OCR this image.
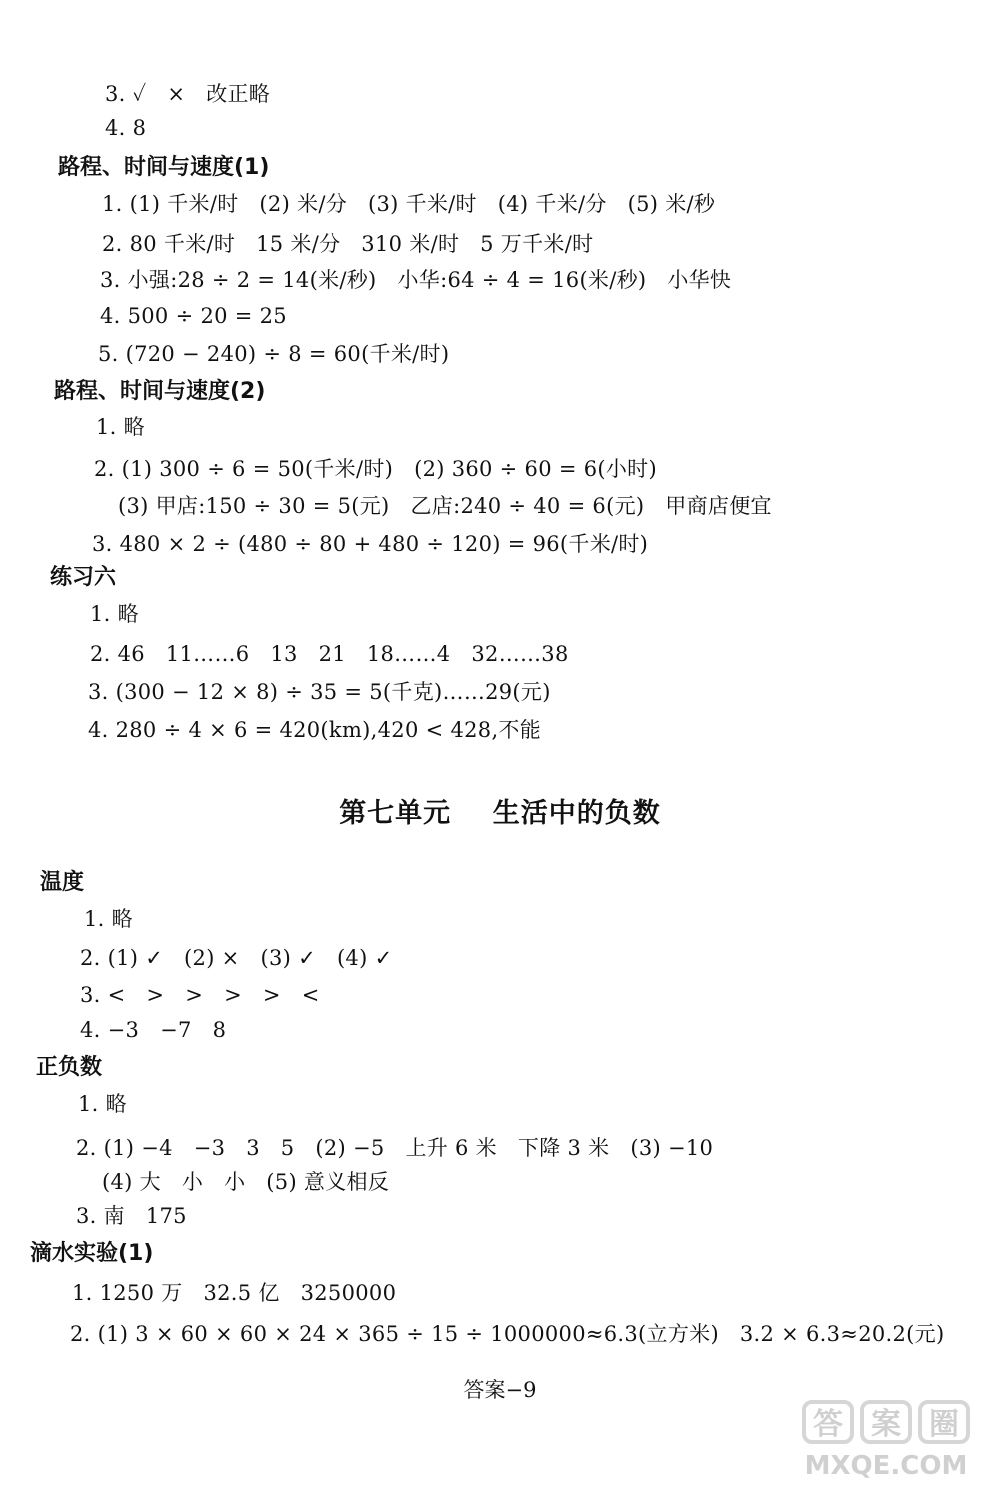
3. ✓   ×   改正略
4. 8
路程、时间与速度(1)
1. (1) 千米/时   (2) 米/分   (3) 千米/时   (4) 千米/分   (5) 米/秒
2. 80 千米/时   15 米/分   310 米/时   5 万千米/时
3. 小强:28 ÷ 2 = 14(米/秒)   小华:64 ÷ 4 = 16(米/秒)   小华快
4. 500 ÷ 20 = 25
5. (720 − 240) ÷ 8 = 60(千米/时)
路程、时间与速度(2)
1. 略
2. (1) 300 ÷ 6 = 50(千米/时)   (2) 360 ÷ 60 = 6(小时)
(3) 甲店:150 ÷ 30 = 5(元)   乙店:240 ÷ 40 = 6(元)   甲商店便宜
3. 480 × 2 ÷ (480 ÷ 80 + 480 ÷ 120) = 96(千米/时)
练习六
1. 略
2. 46   11……6   13   21   18……4   32……38
3. (300 − 12 × 8) ÷ 35 = 5(千克)……29(元)
4. 280 ÷ 4 × 6 = 420(km),420 < 428,不能
第七单元    生活中的负数
温度
1. 略
2. (1) ✓   (2) ×   (3) ✓   (4) ✓
3. <   >   >   >   >   <
4. −3   −7   8
正负数
1. 略
2. (1) −4   −3   3   5   (2) −5   上升 6 米   下降 3 米   (3) −10
(4) 大   小   小   (5) 意义相反
3. 南   175
滴水实验(1)
1. 1250 万   32.5 亿   3250000
2. (1) 3 × 60 × 60 × 24 × 365 ÷ 15 ÷ 1000000≈6.3(立方米)   3.2 × 6.3≈20.2(元)
答案−9
答 案 圈
MXQE.COM
